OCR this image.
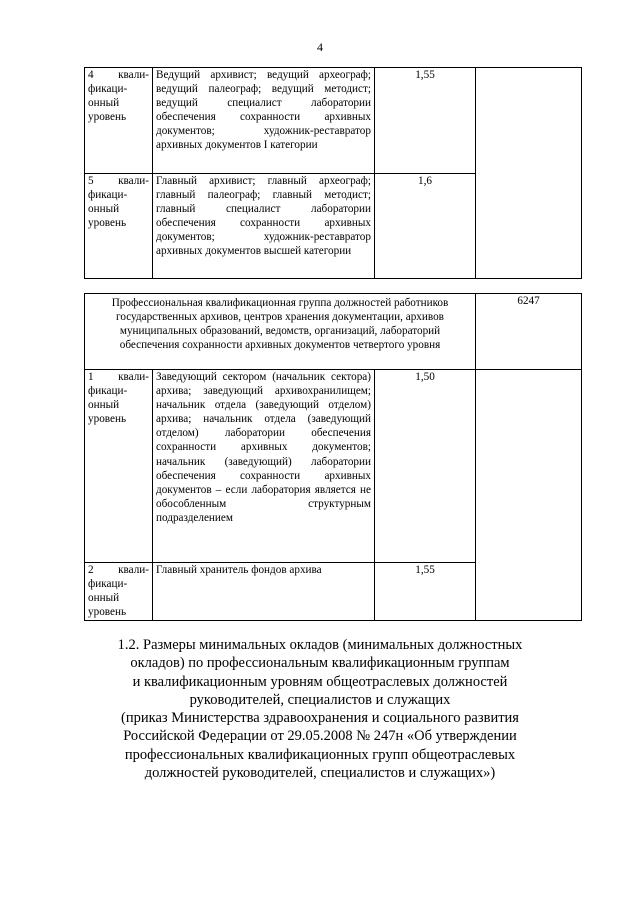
4
4 квали-фикаци-онный уровень	Ведущий архивист; ведущий археограф; ведущий палеограф; ведущий методист; ведущий специалист лаборатории обеспечения сохранности архивных документов; художник-реставратор архивных документов I категории	1,55	
5 квали-фикаци-онный уровень	Главный архивист; главный археограф; главный палеограф; главный методист; главный специалист лаборатории обеспечения сохранности архивных документов; художник-реставратор архивных документов высшей категории	1,6	
Профессиональная квалификационная группа должностей работников государственных архивов, центров хранения документации, архивов муниципальных образований, ведомств, организаций, лабораторий обеспечения сохранности архивных документов четвертого уровня			6247
1 квали-фикаци-онный уровень	Заведующий сектором (начальник сектора) архива; заведующий архивохранилищем; начальник отдела (заведующий отделом) архива; начальник отдела (заведующий отделом) лаборатории обеспечения сохранности архивных документов; начальник (заведующий) лаборатории обеспечения сохранности архивных документов – если лаборатория является не обособленным структурным подразделением	1,50	
2 квали-фикаци-онный уровень	Главный хранитель фондов архива	1,55	
1.2. Размеры минимальных окладов (минимальных должностных
окладов) по профессиональным квалификационным группам
и квалификационным уровням общеотраслевых должностей
руководителей, специалистов и служащих
(приказ Министерства здравоохранения и социального развития
Российской Федерации от 29.05.2008 № 247н «Об утверждении
профессиональных квалификационных групп общеотраслевых
должностей руководителей, специалистов и служащих»)
